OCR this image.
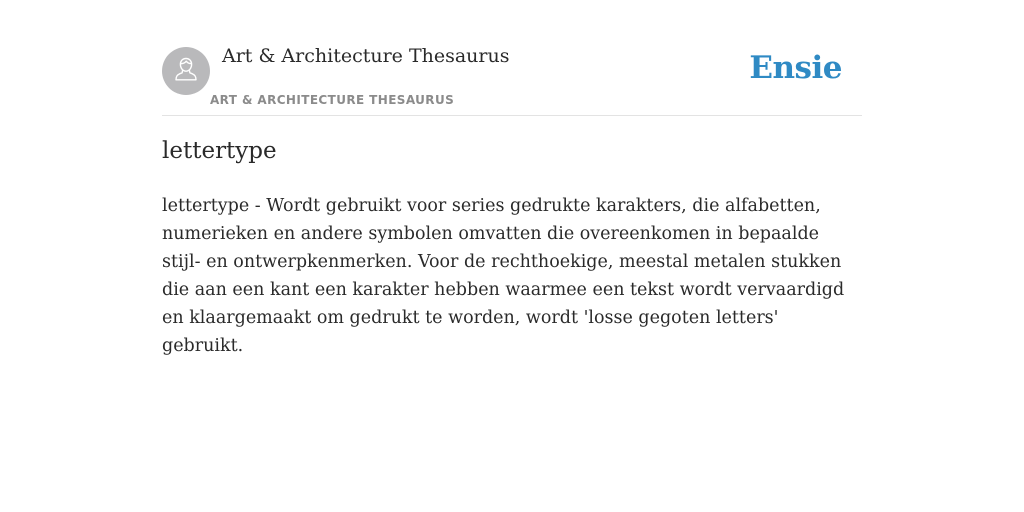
Art & Architecture Thesaurus
ART & ARCHITECTURE THESAURUS
Ensie
lettertype

lettertype - Wordt gebruikt voor series gedrukte karakters, die alfabetten, numerieken en andere symbolen omvatten die overeenkomen in bepaalde stijl- en ontwerpkenmerken. Voor de rechthoekige, meestal metalen stukken die aan een kant een karakter hebben waarmee een tekst wordt vervaardigd en klaargemaakt om gedrukt te worden, wordt 'losse gegoten letters' gebruikt.
